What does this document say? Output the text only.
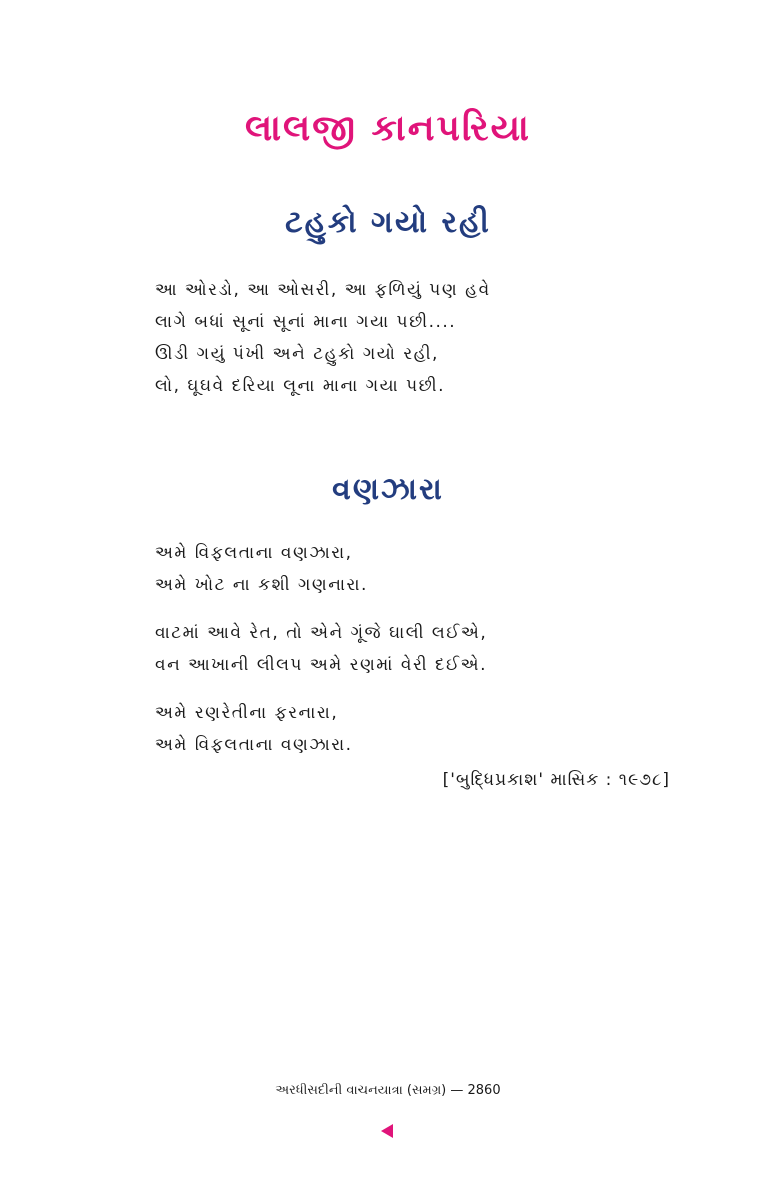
લાલજી કાનપરિયા
ટહુકો ગયો રહી
આ ઓરડો, આ ઓસરી, આ ફળિયું પણ હવે
લાગે બધાં સૂનાં સૂનાં માના ગયા પછી....
ઊડી ગયું પંખી અને ટહુકો ગયો રહી,
લો, ઘૂઘવે દરિયા લૂના માના ગયા પછી.
વણઝારા
અમે વિફલતાના વણઝારા,
અમે ખોટ ના કશી ગણનારા.
વાટમાં આવે રેત, તો એને ગૂંજે ઘાલી લઈએ,
વન આખાની લીલપ અમે રણમાં વેરી દઈએ.
અમે રણરેતીના ફરનારા,
અમે વિફલતાના વણઝારા.
['બુદ્ધિપ્રકાશ' માસિક : ૧૯૭૮]
અરધીસદીની વાચનયાત્રા (સમગ્ર) — 2860
